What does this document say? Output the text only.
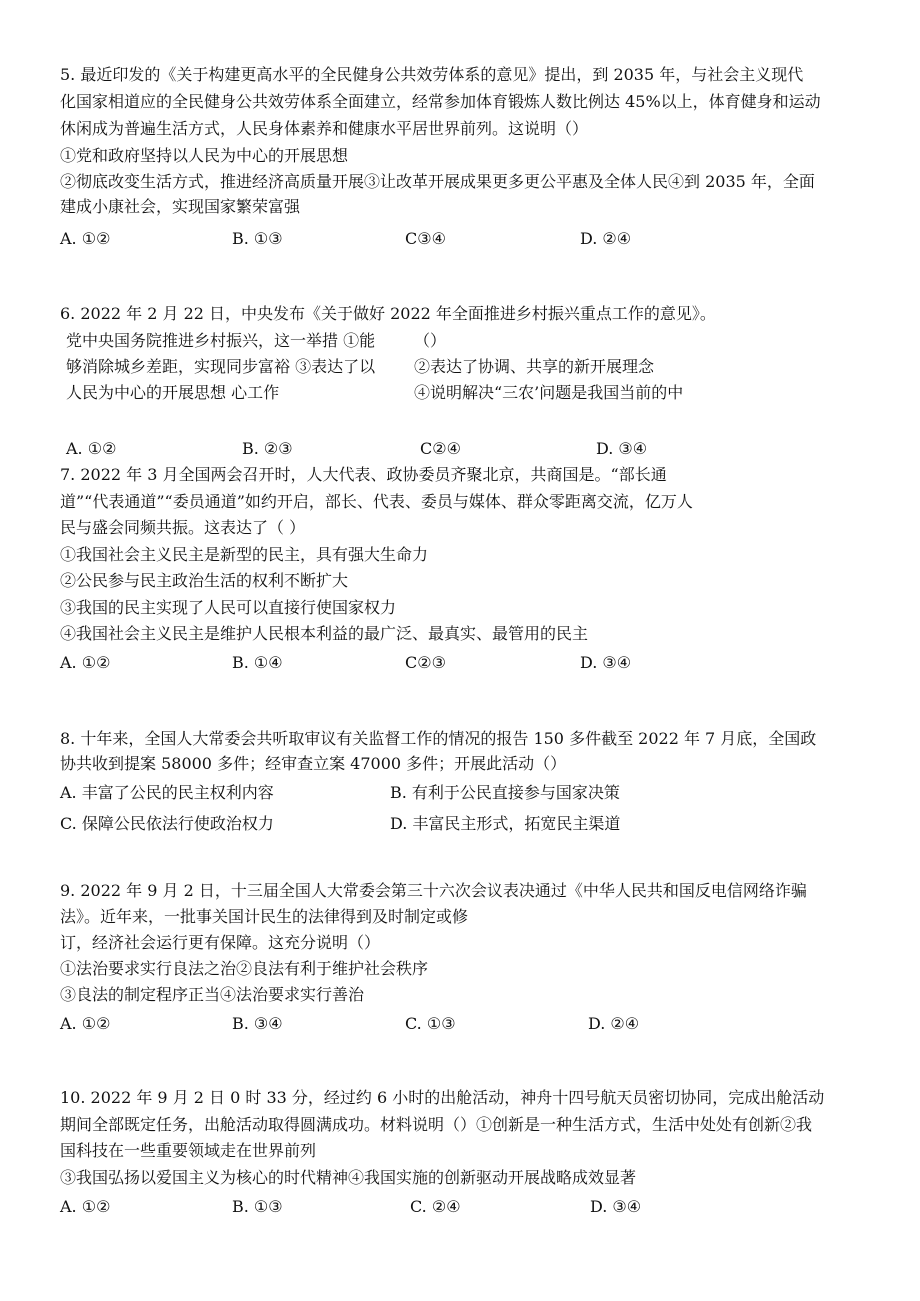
5. 最近印发的《关于构建更高水平的全民健身公共效劳体系的意见》提出，到 2035 年，与社会主义现代
化国家相道应的全民健身公共效劳体系全面建立，经常参加体育锻炼人数比例达 45%以上，体育健身和运动
休闲成为普遍生活方式，人民身体素养和健康水平居世界前列。这说明（）
①党和政府坚持以人民为中心的开展思想
②彻底改变生活方式，推进经济高质量开展③让改革开展成果更多更公平惠及全体人民④到 2035 年，全面
建成小康社会，实现国家繁荣富强
A. ①②	B. ①③	C③④	D. ②④
6. 2022 年 2 月 22 日，中央发布《关于做好 2022 年全面推进乡村振兴重点工作的意见》。
党中央国务院推进乡村振兴，这一举措 ①能 （）
够消除城乡差距，实现同步富裕 ③表达了以 ②表达了协调、共享的新开展理念
人民为中心的开展思想 心工作	④说明解决“三农’问题是我国当前的中
A. ①②	B. ②③	C②④	D. ③④
7. 2022 年 3 月全国两会召开时，人大代表、政协委员齐聚北京，共商国是。“部长通
道”“代表通道”“委员通道”如约开启，部长、代表、委员与媒体、群众零距离交流，亿万人
民与盛会同频共振。这表达了（ ）
①我国社会主义民主是新型的民主，具有强大生命力
②公民参与民主政治生活的权利不断扩大
③我国的民主实现了人民可以直接行使国家权力
④我国社会主义民主是维护人民根本利益的最广泛、最真实、最管用的民主
A. ①②	B. ①④	C②③	D. ③④
8. 十年来，全国人大常委会共听取审议有关监督工作的情况的报告 150 多件截至 2022 年 7 月底，全国政
协共收到提案 58000 多件；经审查立案 47000 多件；开展此活动（）
A. 丰富了公民的民主权利内容	B. 有利于公民直接参与国家决策
C. 保障公民依法行使政治权力	D. 丰富民主形式，拓宽民主渠道
9. 2022 年 9 月 2 日，十三届全国人大常委会第三十六次会议表决通过《中华人民共和国反电信网络诈骗
法》。近年来，一批事关国计民生的法律得到及时制定或修
订，经济社会运行更有保障。这充分说明（）
①法治要求实行良法之治②良法有利于维护社会秩序
③良法的制定程序正当④法治要求实行善治
A. ①②	B. ③④	C. ①③	D. ②④
10. 2022 年 9 月 2 日 0 时 33 分，经过约 6 小时的出舱活动，神舟十四号航天员密切协同，完成出舱活动
期间全部既定任务，出舱活动取得圆满成功。材料说明（）①创新是一种生活方式，生活中处处有创新②我
国科技在一些重要领域走在世界前列
③我国弘扬以爱国主义为核心的时代精神④我国实施的创新驱动开展战略成效显著
A. ①②	B. ①③	C. ②④	D. ③④
